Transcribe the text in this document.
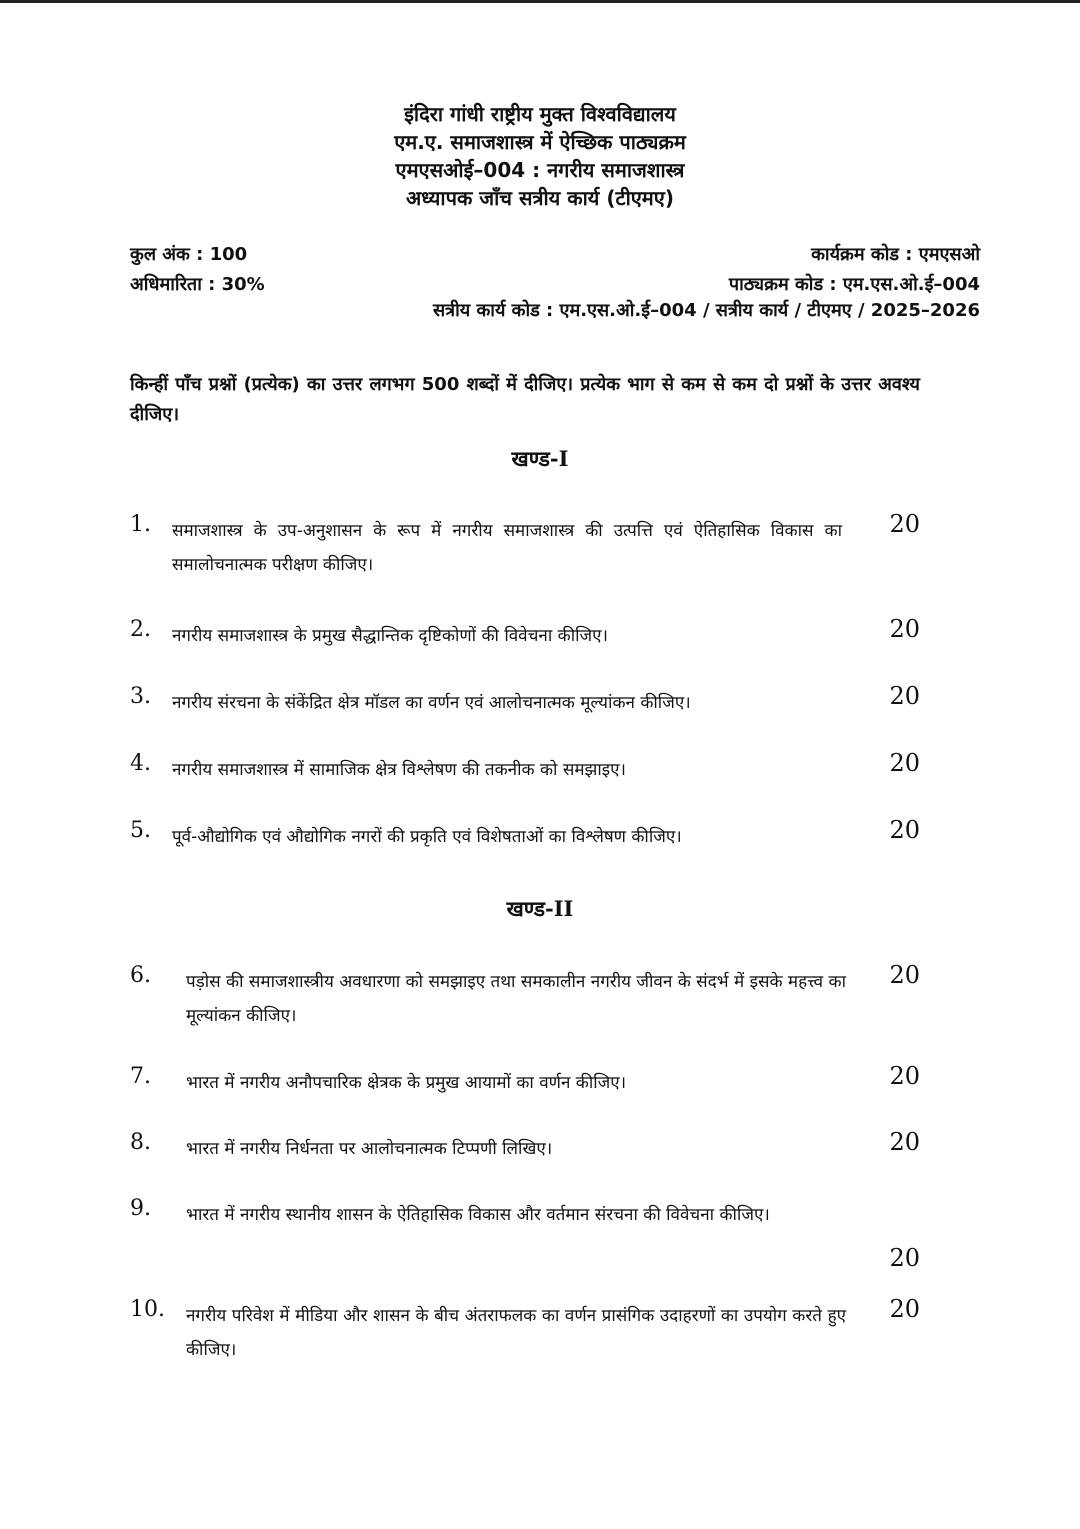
इंदिरा गांधी राष्ट्रीय मुक्त विश्वविद्यालय
एम.ए. समाजशास्त्र में ऐच्छिक पाठ्यक्रम
एमएसओई–004 : नगरीय समाजशास्त्र
अध्यापक जाँच सत्रीय कार्य (टीएमए)
कुल अंक : 100	कार्यक्रम कोड : एमएसओ
अधिमारिता : 30%	पाठ्यक्रम कोड : एम.एस.ओ.ई–004
सत्रीय कार्य कोड : एम.एस.ओ.ई–004 / सत्रीय कार्य / टीएमए / 2025–2026
किन्हीं पाँच प्रश्नों (प्रत्येक) का उत्तर लगभग 500 शब्दों में दीजिए। प्रत्येक भाग से कम से कम दो प्रश्नों के उत्तर अवश्य दीजिए।
खण्ड-I
1. समाजशास्त्र के उप-अनुशासन के रूप में नगरीय समाजशास्त्र की उत्पत्ति एवं ऐतिहासिक विकास का समालोचनात्मक परीक्षण कीजिए।
20
2. नगरीय समाजशास्त्र के प्रमुख सैद्धान्तिक दृष्टिकोणों की विवेचना कीजिए।	20
3. नगरीय संरचना के संकेंद्रित क्षेत्र मॉडल का वर्णन एवं आलोचनात्मक मूल्यांकन कीजिए।	20
4. नगरीय समाजशास्त्र में सामाजिक क्षेत्र विश्लेषण की तकनीक को समझाइए।	20
5. पूर्व-औद्योगिक एवं औद्योगिक नगरों की प्रकृति एवं विशेषताओं का विश्लेषण कीजिए।	20
खण्ड-II
6. पड़ोस की समाजशास्त्रीय अवधारणा को समझाइए तथा समकालीन नगरीय जीवन के संदर्भ में इसके महत्त्व का मूल्यांकन कीजिए।
20
7. भारत में नगरीय अनौपचारिक क्षेत्रक के प्रमुख आयामों का वर्णन कीजिए।	20
8. भारत में नगरीय निर्धनता पर आलोचनात्मक टिप्पणी लिखिए।	20
9. भारत में नगरीय स्थानीय शासन के ऐतिहासिक विकास और वर्तमान संरचना की विवेचना कीजिए।
20
10. नगरीय परिवेश में मीडिया और शासन के बीच अंतराफलक का वर्णन प्रासंगिक उदाहरणों का उपयोग करते हुए कीजिए।
20
